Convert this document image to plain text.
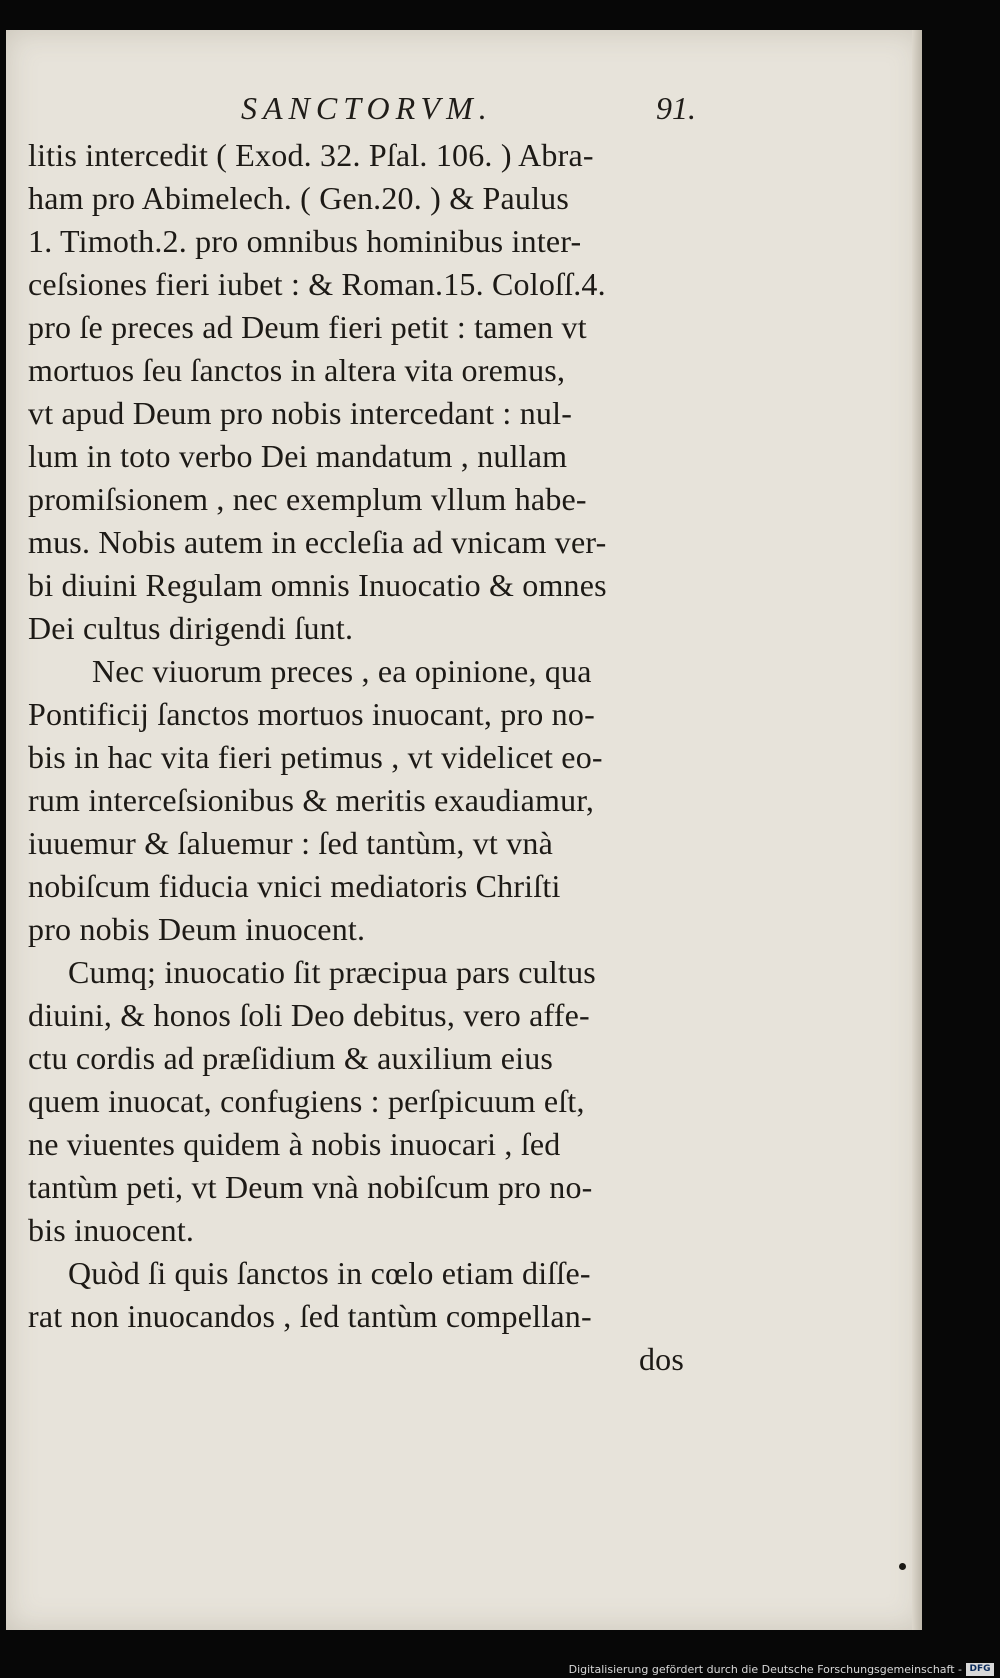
SANCTORVM.	91.
litis intercedit ( Exod. 32. Pſal. 106. ) Abra-
ham pro Abimelech. ( Gen.20. ) & Paulus
1. Timoth.2. pro omnibus hominibus inter-
ceſsiones fieri iubet : & Roman.15. Coloſſ.4.
pro ſe preces ad Deum fieri petit : tamen vt
mortuos ſeu ſanctos in altera vita oremus,
vt apud Deum pro nobis intercedant : nul-
lum in toto verbo Dei mandatum , nullam
promiſsionem , nec exemplum vllum habe-
mus. Nobis autem in eccleſia ad vnicam ver-
bi diuini Regulam omnis Inuocatio & omnes
Dei cultus dirigendi ſunt.
Nec viuorum preces , ea opinione, qua
Pontificij ſanctos mortuos inuocant, pro no-
bis in hac vita fieri petimus , vt videlicet eo-
rum interceſsionibus & meritis exaudiamur,
iuuemur & ſaluemur : ſed tantùm, vt vnà
nobiſcum fiducia vnici mediatoris Chriſti
pro nobis Deum inuocent.
Cumq; inuocatio ſit præcipua pars cultus
diuini, & honos ſoli Deo debitus, vero affe-
ctu cordis ad præſidium & auxilium eius
quem inuocat, confugiens : perſpicuum eſt,
ne viuentes quidem à nobis inuocari , ſed
tantùm peti, vt Deum vnà nobiſcum pro no-
bis inuocent.
Quòd ſi quis ſanctos in cœlo etiam diſſe-
rat non inuocandos , ſed tantùm compellan-
dos
Digitalisierung gefördert durch die Deutsche Forschungsgemeinschaft - DFG
